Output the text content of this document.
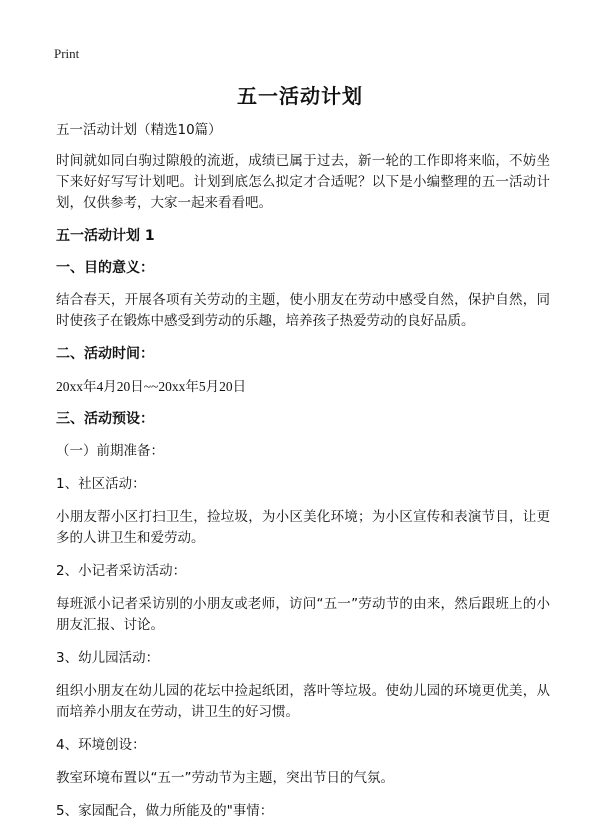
Print
五一活动计划
五一活动计划（精选10篇）
时间就如同白驹过隙般的流逝，成绩已属于过去，新一轮的工作即将来临，不妨坐下来好好写写计划吧。计划到底怎么拟定才合适呢？以下是小编整理的五一活动计划，仅供参考，大家一起来看看吧。
五一活动计划 1
一、目的意义：
结合春天，开展各项有关劳动的主题，使小朋友在劳动中感受自然，保护自然，同时使孩子在锻炼中感受到劳动的乐趣，培养孩子热爱劳动的良好品质。
二、活动时间：
20xx年4月20日~~20xx年5月20日
三、活动预设：
（一）前期准备：
1、社区活动：
小朋友帮小区打扫卫生，捡垃圾，为小区美化环境；为小区宣传和表演节目，让更多的人讲卫生和爱劳动。
2、小记者采访活动：
每班派小记者采访别的小朋友或老师，访问“五一”劳动节的由来，然后跟班上的小朋友汇报、讨论。
3、幼儿园活动：
组织小朋友在幼儿园的花坛中捡起纸团，落叶等垃圾。使幼儿园的环境更优美，从而培养小朋友在劳动，讲卫生的好习惯。
4、环境创设：
教室环境布置以“五一”劳动节为主题，突出节日的气氛。
5、家园配合，做力所能及的"事情：
